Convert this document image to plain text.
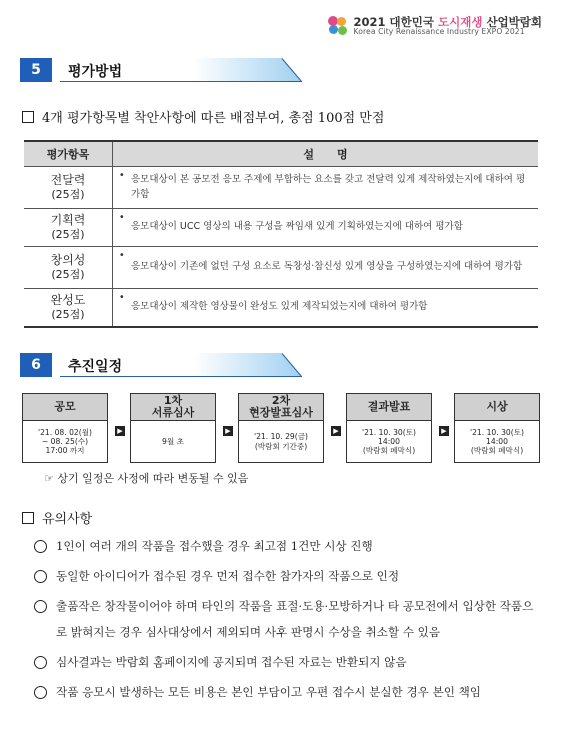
2021 대한민국 도시재생 산업박람회
Korea City Renaissance Industry EXPO 2021
5	평가방법
4개 평가항목별 착안사항에 따른 배점부여, 총점 100점 만점
평가항목	설      명

전달력
(25점)	• 응모대상이 본 공모전 응모 주제에 부합하는 요소를 갖고 전달력 있게 제작하였는지에 대하여 평가함

기획력
(25점)	• 응모대상이 UCC 영상의 내용 구성을 짜임새 있게 기획하였는지에 대하여 평가함

창의성
(25점)	• 응모대상이 기존에 없던 구성 요소로 독창성·참신성 있게 영상을 구성하였는지에 대하여 평가함

완성도
(25점)	• 응모대상이 제작한 영상물이 완성도 있게 제작되었는지에 대하여 평가함
6	추진일정
공모
'21. 08. 02(월)
~ 08. 25(수)
17:00 까지
▶
1차
서류심사
9월 초
▶
2차
현장발표심사
'21. 10. 29(금)
(박람회 기간중)
▶
결과발표
'21. 10. 30(토)
14:00
(박람회 폐막식)
▶
시상
'21. 10. 30(토)
14:00
(박람회 폐막식)
☞ 상기 일정은 사정에 따라 변동될 수 있음
유의사항
1인이 여러 개의 작품을 접수했을 경우 최고점 1건만 시상 진행
동일한 아이디어가 접수된 경우 먼저 접수한 참가자의 작품으로 인정
출품작은 창작물이어야 하며 타인의 작품을 표절·도용·모방하거나 타 공모전에서 입상한 작품으로 밝혀지는 경우 심사대상에서 제외되며 사후 판명시 수상을 취소할 수 있음
심사결과는 박람회 홈페이지에 공지되며 접수된 자료는 반환되지 않음
작품 응모시 발생하는 모든 비용은 본인 부담이고 우편 접수시 분실한 경우 본인 책임
